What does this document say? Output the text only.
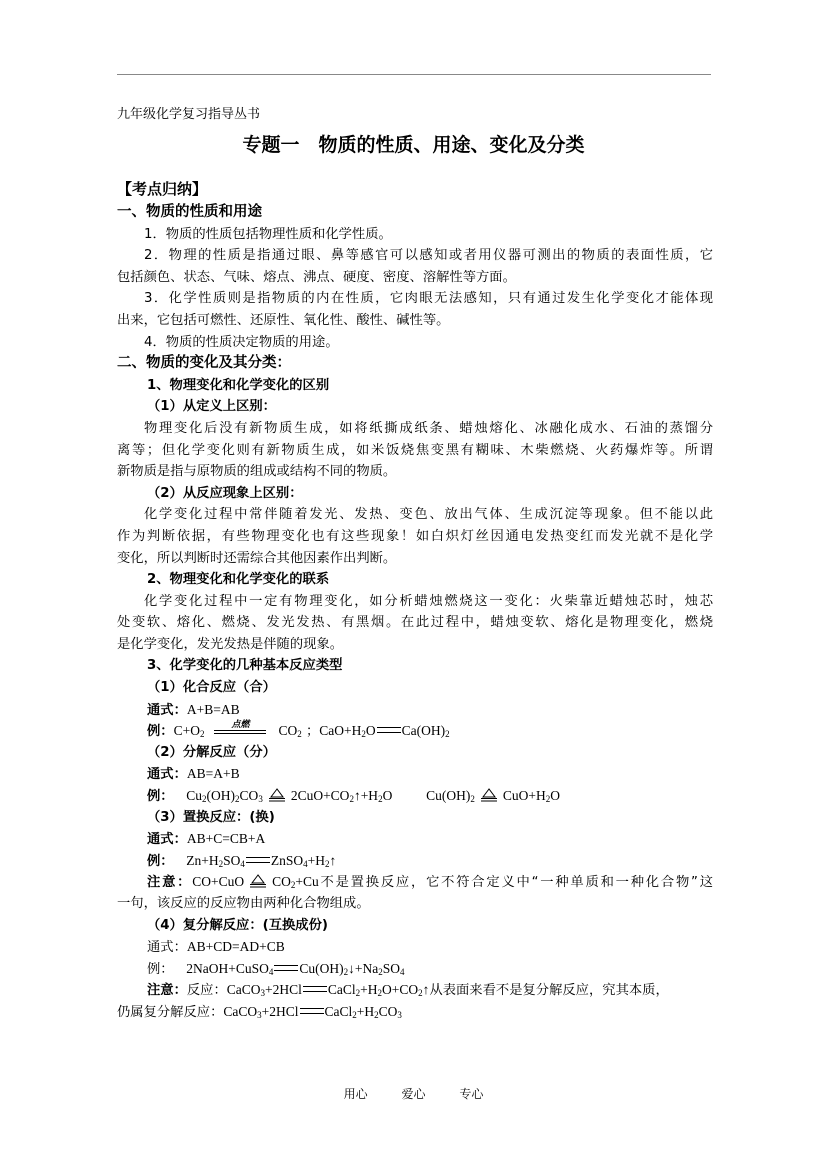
九年级化学复习指导丛书
专题一　物质的性质、用途、变化及分类
【考点归纳】
一、物质的性质和用途
1．物质的性质包括物理性质和化学性质。
2．物理的性质是指通过眼、鼻等感官可以感知或者用仪器可测出的物质的表面性质，它
包括颜色、状态、气味、熔点、沸点、硬度、密度、溶解性等方面。
3．化学性质则是指物质的内在性质，它肉眼无法感知，只有通过发生化学变化才能体现
出来，它包括可燃性、还原性、氧化性、酸性、碱性等。
4．物质的性质决定物质的用途。
二、物质的变化及其分类：
1、物理变化和化学变化的区别
（1）从定义上区别：
物理变化后没有新物质生成，如将纸撕成纸条、蜡烛熔化、冰融化成水、石油的蒸馏分
离等；但化学变化则有新物质生成，如米饭烧焦变黑有糊味、木柴燃烧、火药爆炸等。所谓
新物质是指与原物质的组成或结构不同的物质。
（2）从反应现象上区别：
化学变化过程中常伴随着发光、发热、变色、放出气体、生成沉淀等现象。但不能以此
作为判断依据，有些物理变化也有这些现象！如白炽灯丝因通电发热变红而发光就不是化学
变化，所以判断时还需综合其他因素作出判断。
2、物理变化和化学变化的联系
化学变化过程中一定有物理变化，如分析蜡烛燃烧这一变化：火柴靠近蜡烛芯时，烛芯
处变软、熔化、燃烧、发光发热、有黑烟。在此过程中，蜡烛变软、熔化是物理变化，燃烧
是化学变化，发光发热是伴随的现象。
3、化学变化的几种基本反应类型
（1）化合反应（合）
通式：A+B=AB
例：$C+O_2$
点燃	$CO_2$ ；$CaO+H_2O$ $Ca(OH)_2$
（2）分解反应（分）
通式：AB=A+B
例： $Cu_2(OH)_2CO_3$ $2CuO+CO_2↑+H_2O$	$Cu(OH)_2$ $CuO+H_2O$
（3）置换反应：(换)
通式：AB+C=CB+A
例： $Zn+H_2SO_4$ $ZnSO_4+H_2↑$
注意：CO+CuO $CO_2+Cu$不是置换反应，它不符合定义中“一种单质和一种化合物”这
一句，该反应的反应物由两种化合物组成。
（4）复分解反应：(互换成份)
通式：AB+CD=AD+CB
例： 2NaOH+CuSO$_4$ $Cu(OH)_2↓+Na_2SO_4$
注意：反应：CaCO$_3$+2HCl $CaCl_2+H_2O+CO_2↑$从表面来看不是复分解反应，究其本质，
仍属复分解反应：CaCO$_3$+2HCl $CaCl_2+H_2CO_3$
用心	爱心	专心
